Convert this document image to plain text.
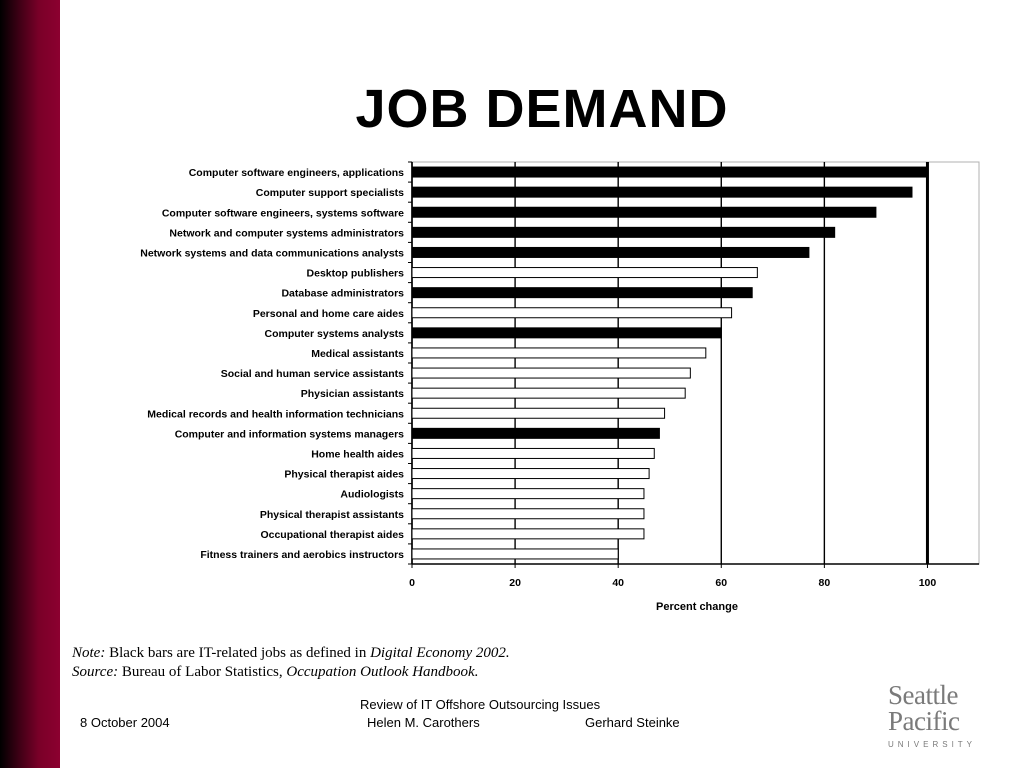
JOB DEMAND
Computer software engineers, applications
Computer support specialists
Computer software engineers, systems software
Network and computer systems administrators
Network systems and data communications analysts
Desktop publishers
Database administrators
Personal and home care aides
Computer systems analysts
Medical assistants
Social and human service assistants
Physician assistants
Medical records and health information technicians
Computer and information systems managers
Home health aides
Physical therapist aides
Audiologists
Physical therapist assistants
Occupational therapist aides
Fitness trainers and aerobics instructors
0	20	40	60	80	100
Percent change
Note: Black bars are IT-related jobs as defined in Digital Economy 2002.
Source: Bureau of Labor Statistics, Occupation Outlook Handbook.
Review of IT Offshore Outsourcing Issues
8 October 2004	Helen M. Carothers	Gerhard Steinke
Seattle
Pacific
UNIVERSITY
